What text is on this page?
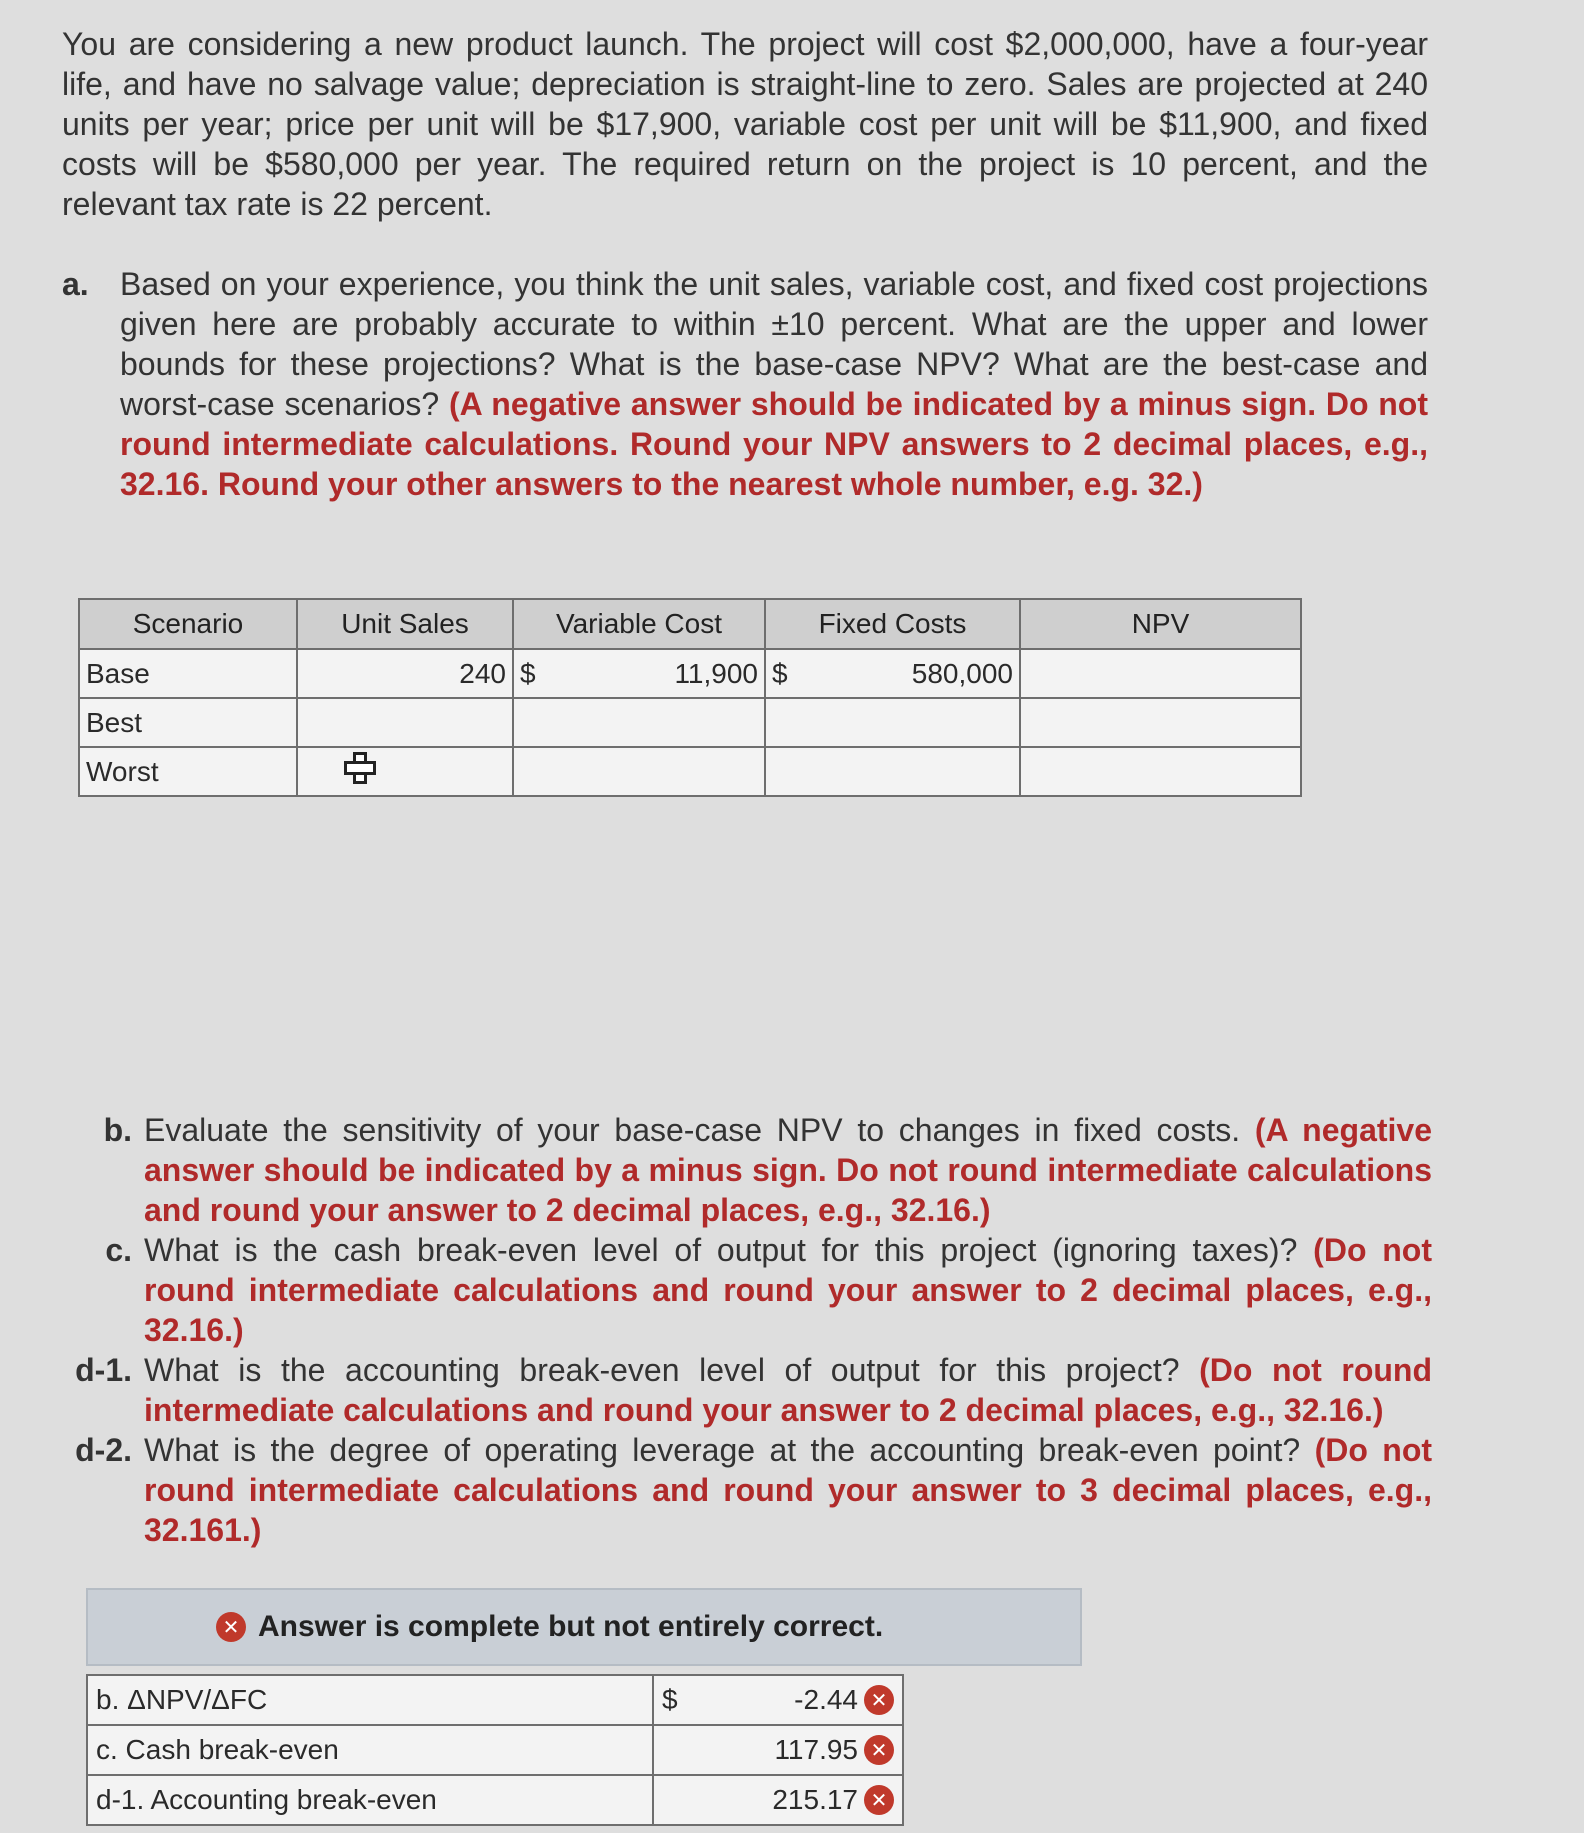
You are considering a new product launch. The project will cost $2,000,000, have a four-year life, and have no salvage value; depreciation is straight-line to zero. Sales are projected at 240 units per year; price per unit will be $17,900, variable cost per unit will be $11,900, and fixed costs will be $580,000 per year. The required return on the project is 10 percent, and the relevant tax rate is 22 percent.
a. Based on your experience, you think the unit sales, variable cost, and fixed cost projections given here are probably accurate to within ±10 percent. What are the upper and lower bounds for these projections? What is the base-case NPV? What are the best-case and worst-case scenarios? (A negative answer should be indicated by a minus sign. Do not round intermediate calculations. Round your NPV answers to 2 decimal places, e.g., 32.16. Round your other answers to the nearest whole number, e.g. 32.)
Scenario	Unit Sales	Variable Cost	Fixed Costs	NPV
Base	240	$ 11,900	$ 580,000	

Best				
Worst				
b. Evaluate the sensitivity of your base-case NPV to changes in fixed costs. (A negative answer should be indicated by a minus sign. Do not round intermediate calculations and round your answer to 2 decimal places, e.g., 32.16.)
c. What is the cash break-even level of output for this project (ignoring taxes)? (Do not round intermediate calculations and round your answer to 2 decimal places, e.g., 32.16.)
d-1. What is the accounting break-even level of output for this project? (Do not round intermediate calculations and round your answer to 2 decimal places, e.g., 32.16.)
d-2. What is the degree of operating leverage at the accounting break-even point? (Do not round intermediate calculations and round your answer to 3 decimal places, e.g., 32.161.)
✕ Answer is complete but not entirely correct.
b. ΔNPV/ΔFC	$ -2.44 ✕

c. Cash break-even	117.95 ✕

d-1. Accounting break-even	215.17 ✕
